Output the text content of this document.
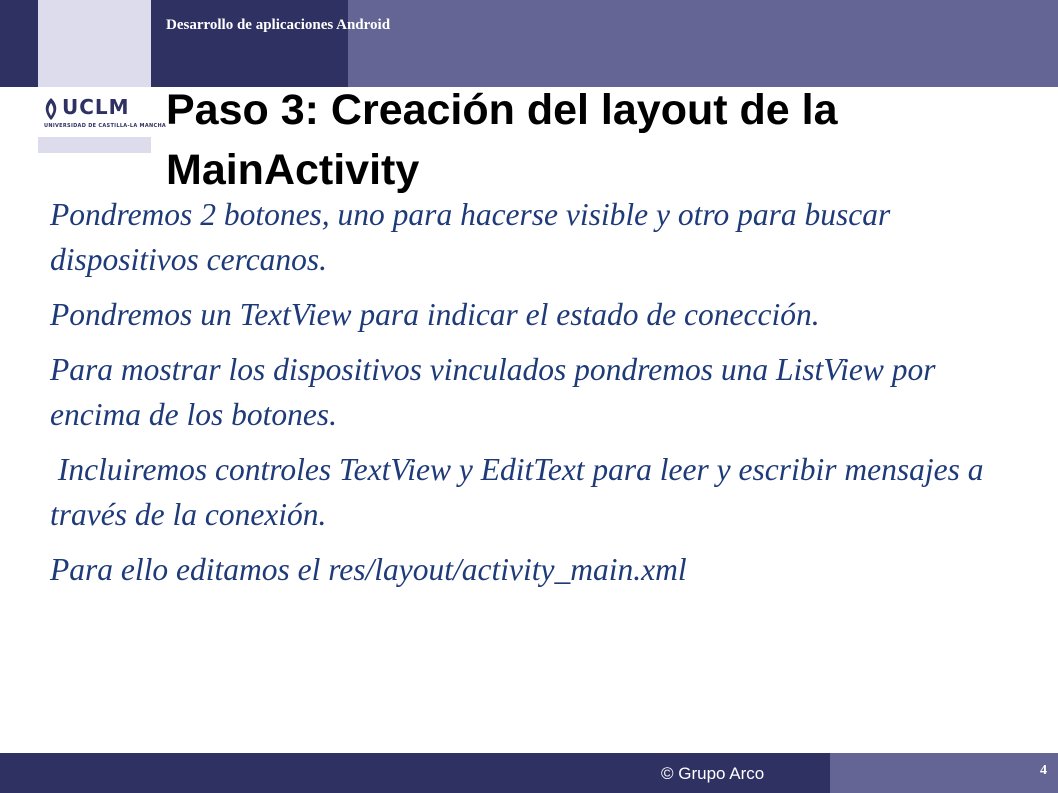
UCLM
UNIVERSIDAD DE CASTILLA-LA MANCHA
Desarrollo de aplicaciones Android
Paso 3: Creación del layout de la MainActivity

Pondremos 2 botones, uno para hacerse visible y otro para buscar dispositivos cercanos.

Pondremos un TextView para indicar el estado de conección.

Para mostrar los dispositivos vinculados pondremos una ListView por encima de los botones.

Incluiremos controles TextView y EditText para leer y escribir mensajes a través de la conexión.

Para ello editamos el res/layout/activity_main.xml

© Grupo Arco	4
